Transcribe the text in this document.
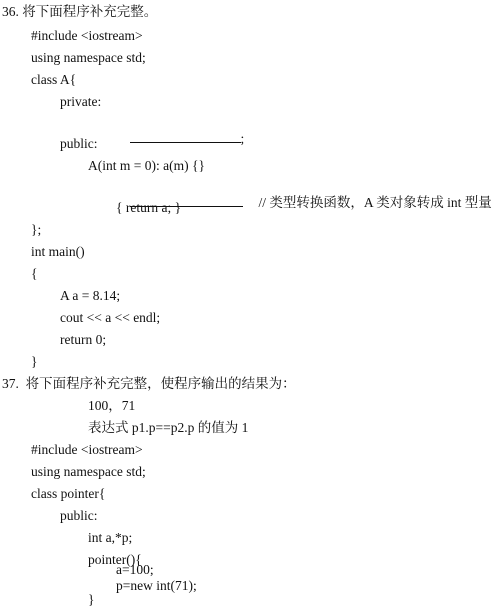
36. 将下面程序补充完整。
#include <iostream>
using namespace std;
class A{
private:

;

public:
A(int m = 0): a(m) {}

// 类型转换函数，A 类对象转成 int 型量

{ return a; }
};
int main()
{
A a = 8.14;
cout << a << endl;
return 0;
}
37.  将下面程序补充完整，使程序输出的结果为：
100，71
表达式 p1.p==p2.p 的值为 1
#include <iostream>
using namespace std;
class pointer{
public:
int a,*p;
pointer(){
a=100;
p=new int(71);
}
